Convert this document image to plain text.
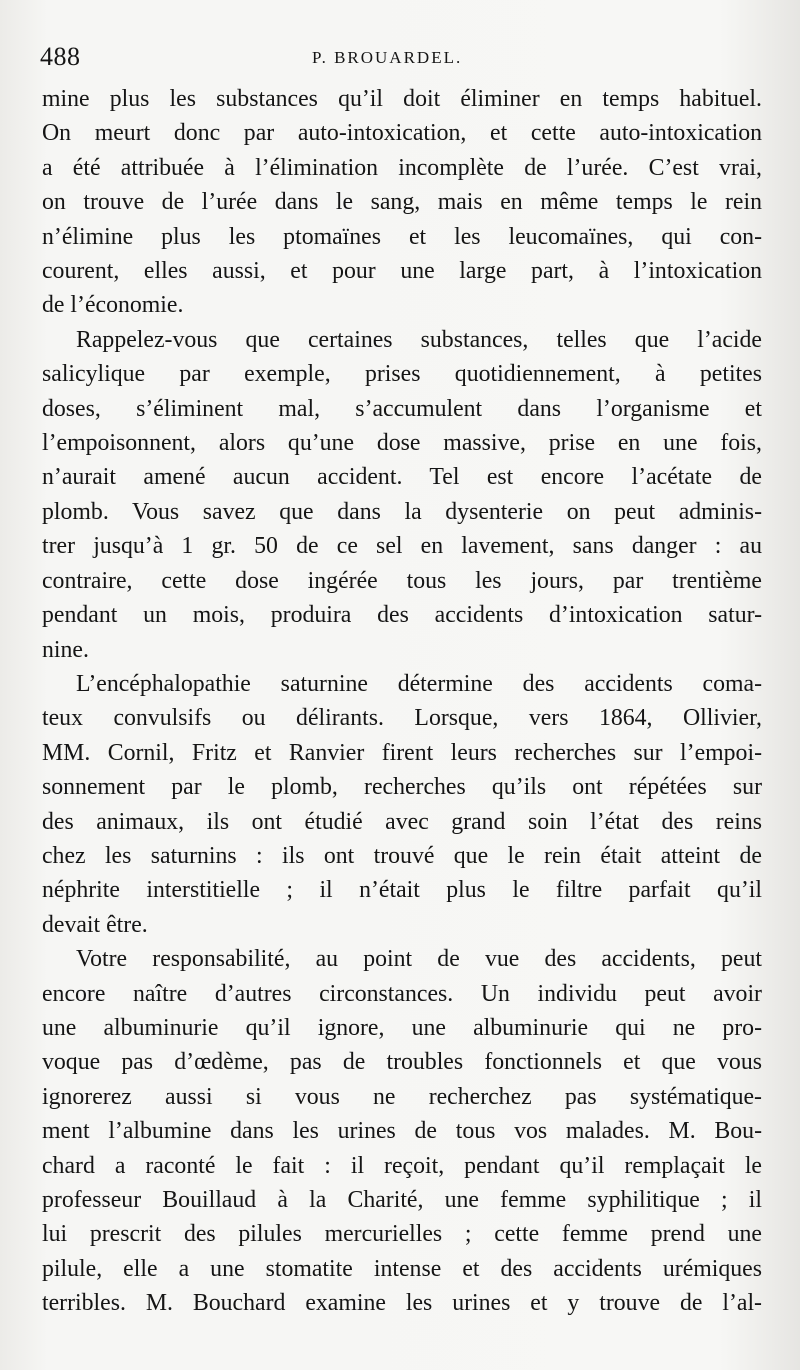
488	P. BROUARDEL.

mine plus les substances qu’il doit éliminer en temps habituel.
On meurt donc par auto-intoxication, et cette auto-intoxication
a été attribuée à l’élimination incomplète de l’urée. C’est vrai,
on trouve de l’urée dans le sang, mais en même temps le rein
n’élimine plus les ptomaïnes et les leucomaïnes, qui con-
courent, elles aussi, et pour une large part, à l’intoxication
de l’économie.

Rappelez-vous que certaines substances, telles que l’acide
salicylique par exemple, prises quotidiennement, à petites
doses, s’éliminent mal, s’accumulent dans l’organisme et
l’empoisonnent, alors qu’une dose massive, prise en une fois,
n’aurait amené aucun accident. Tel est encore l’acétate de
plomb. Vous savez que dans la dysenterie on peut adminis-
trer jusqu’à 1 gr. 50 de ce sel en lavement, sans danger : au
contraire, cette dose ingérée tous les jours, par trentième
pendant un mois, produira des accidents d’intoxication satur-
nine.

L’encéphalopathie saturnine détermine des accidents coma-
teux convulsifs ou délirants. Lorsque, vers 1864, Ollivier,
MM. Cornil, Fritz et Ranvier firent leurs recherches sur l’empoi-
sonnement par le plomb, recherches qu’ils ont répétées sur
des animaux, ils ont étudié avec grand soin l’état des reins
chez les saturnins : ils ont trouvé que le rein était atteint de
néphrite interstitielle ; il n’était plus le filtre parfait qu’il
devait être.

Votre responsabilité, au point de vue des accidents, peut
encore naître d’autres circonstances. Un individu peut avoir
une albuminurie qu’il ignore, une albuminurie qui ne pro-
voque pas d’œdème, pas de troubles fonctionnels et que vous
ignorerez aussi si vous ne recherchez pas systématique-
ment l’albumine dans les urines de tous vos malades. M. Bou-
chard a raconté le fait : il reçoit, pendant qu’il remplaçait le
professeur Bouillaud à la Charité, une femme syphilitique ; il
lui prescrit des pilules mercurielles ; cette femme prend une
pilule, elle a une stomatite intense et des accidents urémiques
terribles. M. Bouchard examine les urines et y trouve de l’al-
